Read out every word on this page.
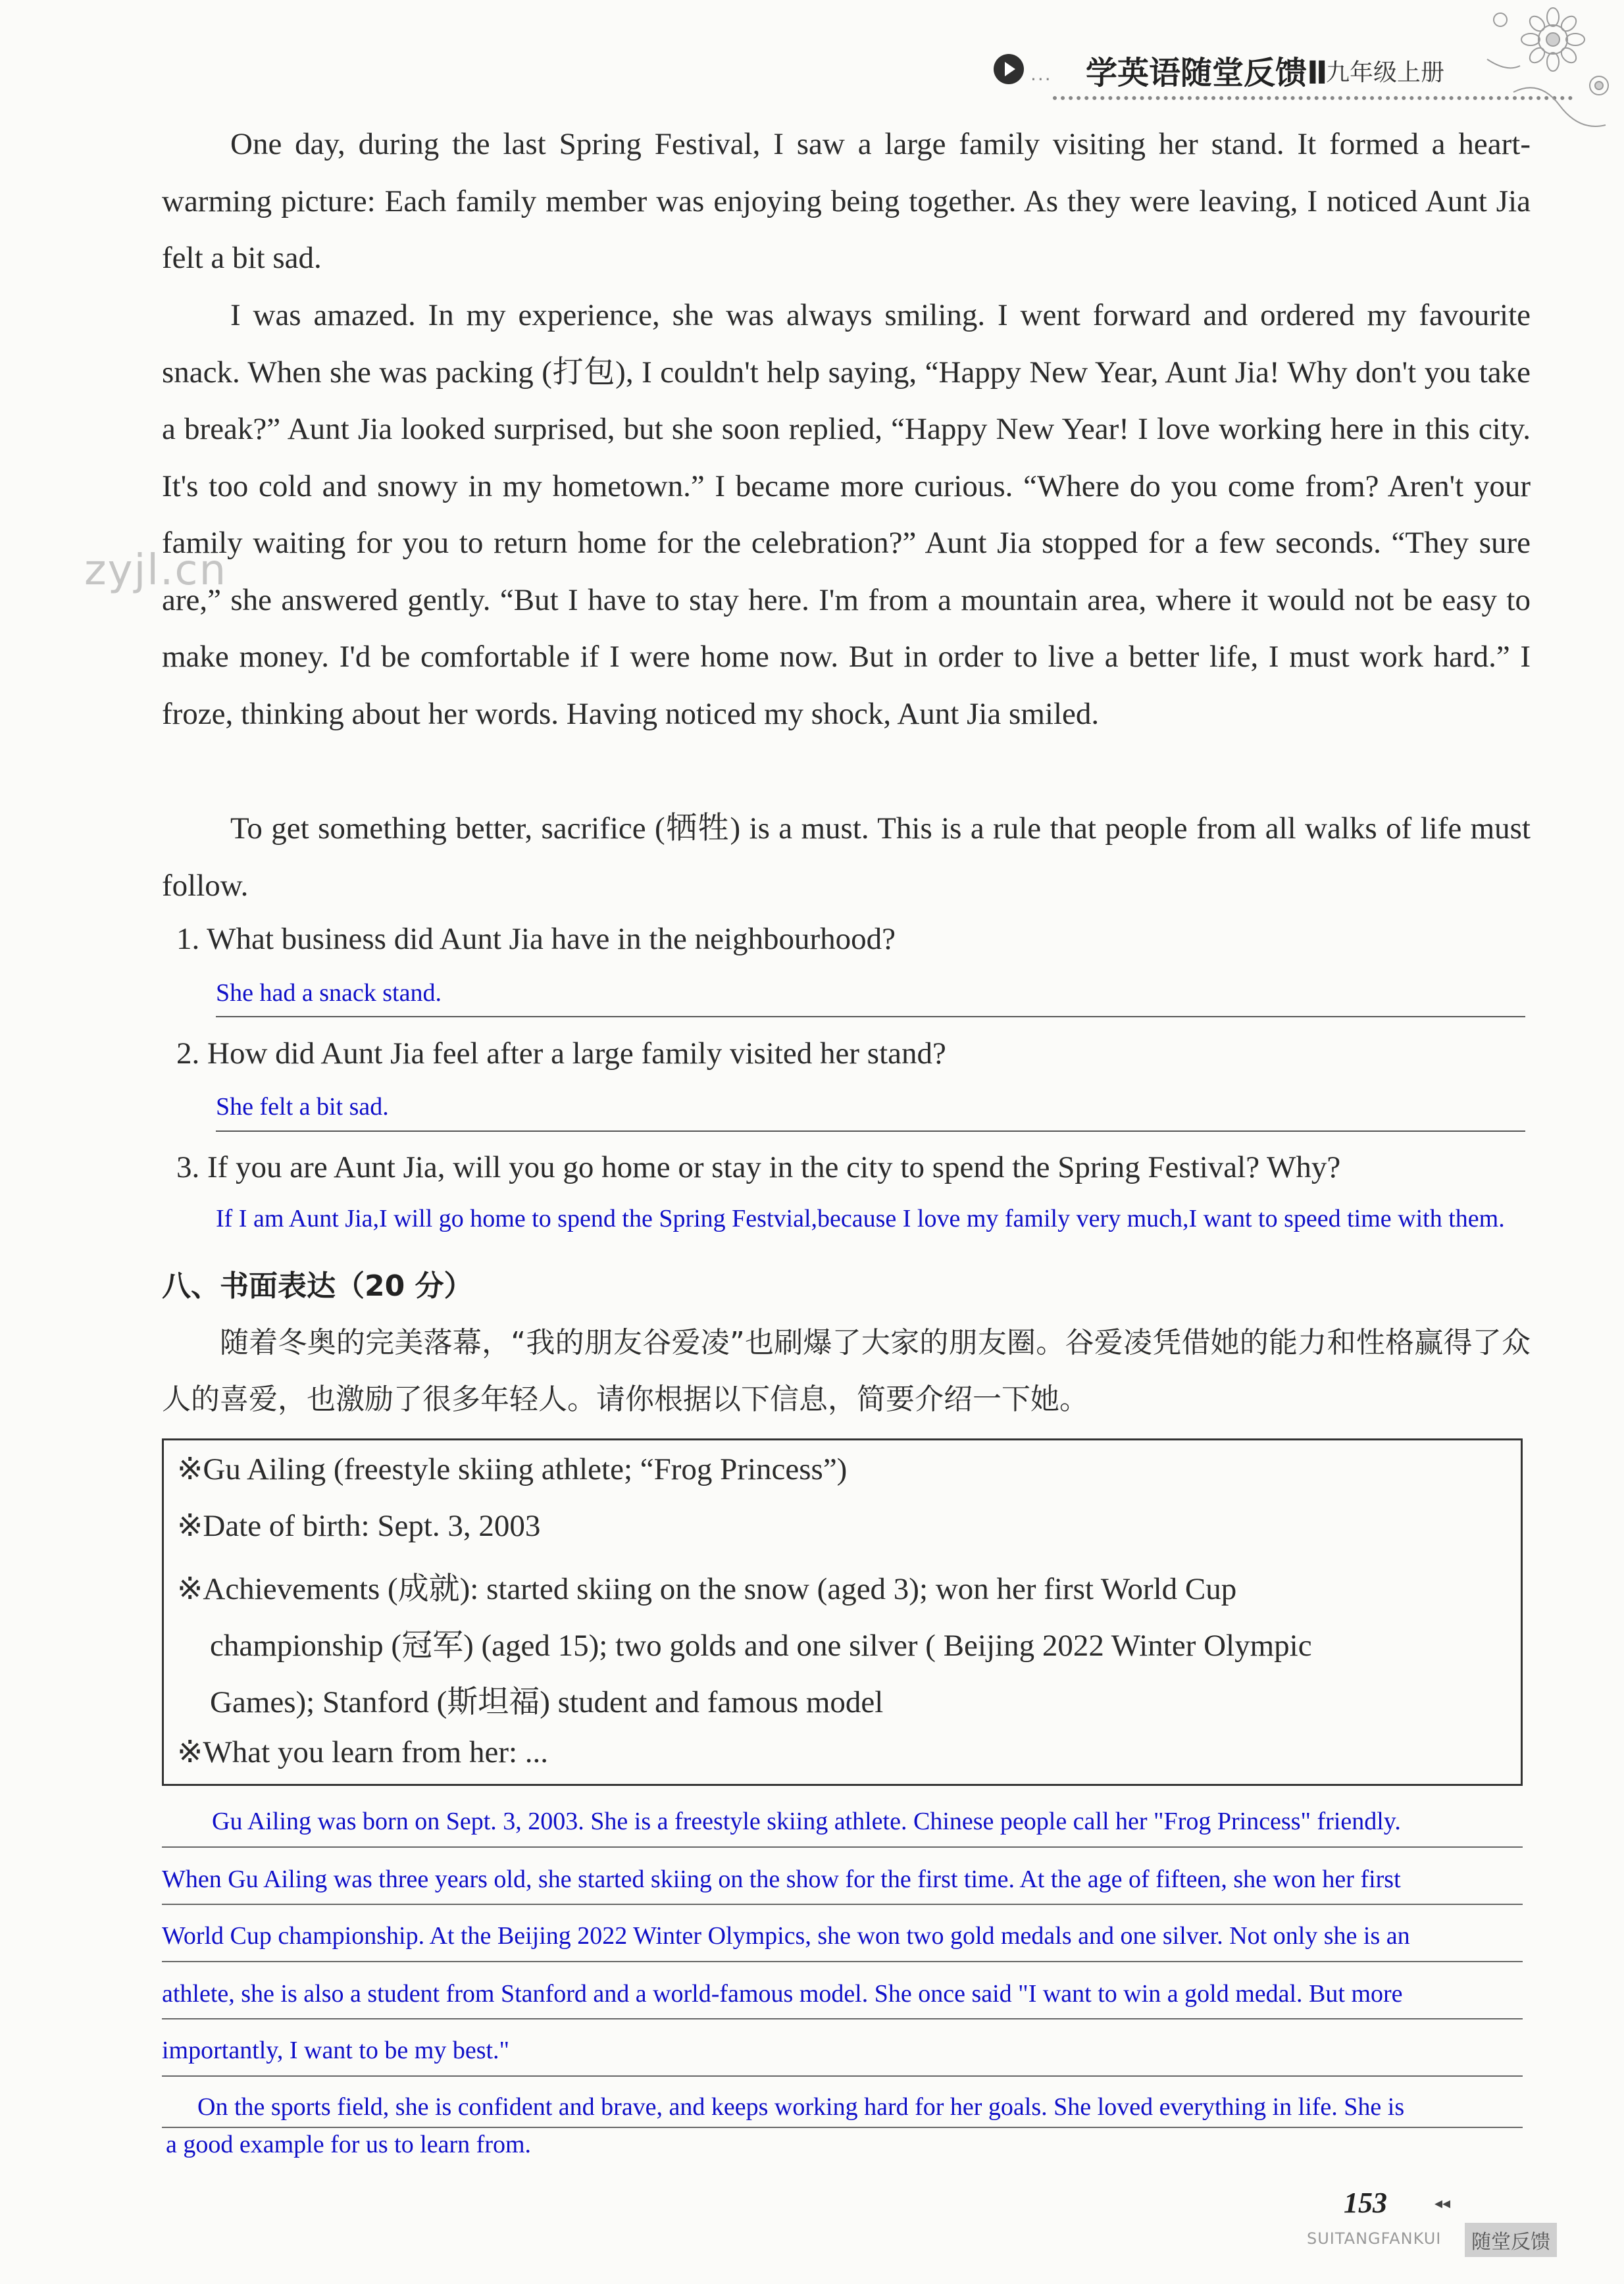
... 学英语随堂反馈Ⅱ
九年级上册
zyjl.cn

One day, during the last Spring Festival, I saw a large family visiting her stand. It formed a heart-warming picture: Each family member was enjoying being together. As they were leaving, I noticed Aunt Jia felt a bit sad.

I was amazed. In my experience, she was always smiling. I went forward and ordered my favourite snack. When she was packing (打包), I couldn't help saying, “Happy New Year, Aunt Jia! Why don't you take a break?” Aunt Jia looked surprised, but she soon replied, “Happy New Year! I love working here in this city. It's too cold and snowy in my hometown.” I became more curious. “Where do you come from? Aren't your family waiting for you to return home for the celebration?” Aunt Jia stopped for a few seconds. “They sure are,” she answered gently. “But I have to stay here. I'm from a mountain area, where it would not be easy to make money. I'd be comfortable if I were home now. But in order to live a better life, I must work hard.” I froze, thinking about her words. Having noticed my shock, Aunt Jia smiled.

To get something better, sacrifice (牺牲) is a must. This is a rule that people from all walks of life must follow.

1. What business did Aunt Jia have in the neighbourhood?
She had a snack stand.
2. How did Aunt Jia feel after a large family visited her stand?
She felt a bit sad.
3. If you are Aunt Jia, will you go home or stay in the city to spend the Spring Festival? Why?
If I am Aunt Jia,I will go home to spend the Spring Festvial,because I love my family very much,I want to speed time with them.
八、书面表达（20 分）

随着冬奥的完美落幕，“我的朋友谷爱凌”也刷爆了大家的朋友圈。谷爱凌凭借她的能力和性格赢得了众人的喜爱，也激励了很多年轻人。请你根据以下信息，简要介绍一下她。

※Gu Ailing (freestyle skiing athlete; “Frog Princess”)
※Date of birth: Sept. 3, 2003
※Achievements (成就): started skiing on the snow (aged 3); won her first World Cup
championship (冠军) (aged 15); two golds and one silver ( Beijing 2022 Winter Olympic
Games); Stanford (斯坦福) student and famous model
※What you learn from her: ...
Gu Ailing was born on Sept. 3, 2003. She is a freestyle skiing athlete. Chinese people call her "Frog Princess" friendly.
When Gu Ailing was three years old, she started skiing on the show for the first time. At the age of fifteen, she won her first
World Cup championship. At the Beijing 2022 Winter Olympics, she won two gold medals and one silver. Not only she is an
athlete, she is also a student from Stanford and a world-famous model. She once said "I want to win a gold medal. But more
importantly, I want to be my best."
On the sports field, she is confident and brave, and keeps working hard for her goals. She loved everything in life. She is
a good example for us to learn from.
153	◂◂
SUITANGFANKUI	随堂反馈
